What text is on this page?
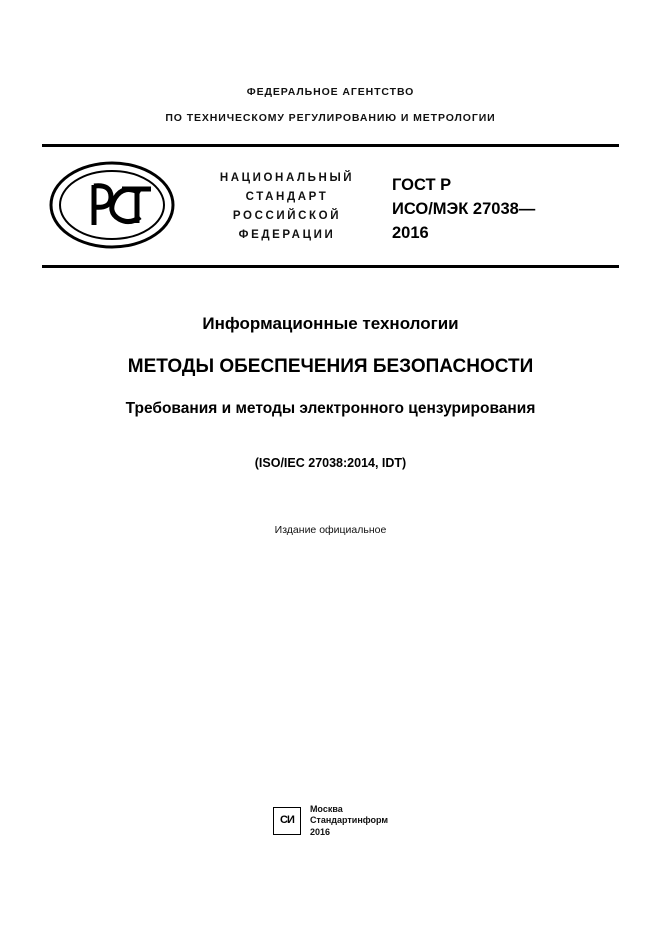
ФЕДЕРАЛЬНОЕ АГЕНТСТВО
ПО ТЕХНИЧЕСКОМУ РЕГУЛИРОВАНИЮ И МЕТРОЛОГИИ
НАЦИОНАЛЬНЫЙ
СТАНДАРТ
РОССИЙСКОЙ
ФЕДЕРАЦИИ
ГОСТ Р
ИСО/МЭК 27038—
2016
Информационные технологии
МЕТОДЫ ОБЕСПЕЧЕНИЯ БЕЗОПАСНОСТИ
Требования и методы электронного цензурирования
(ISO/IEC 27038:2014, IDT)
Издание официальное
СИ
Москва
Стандартинформ
2016
